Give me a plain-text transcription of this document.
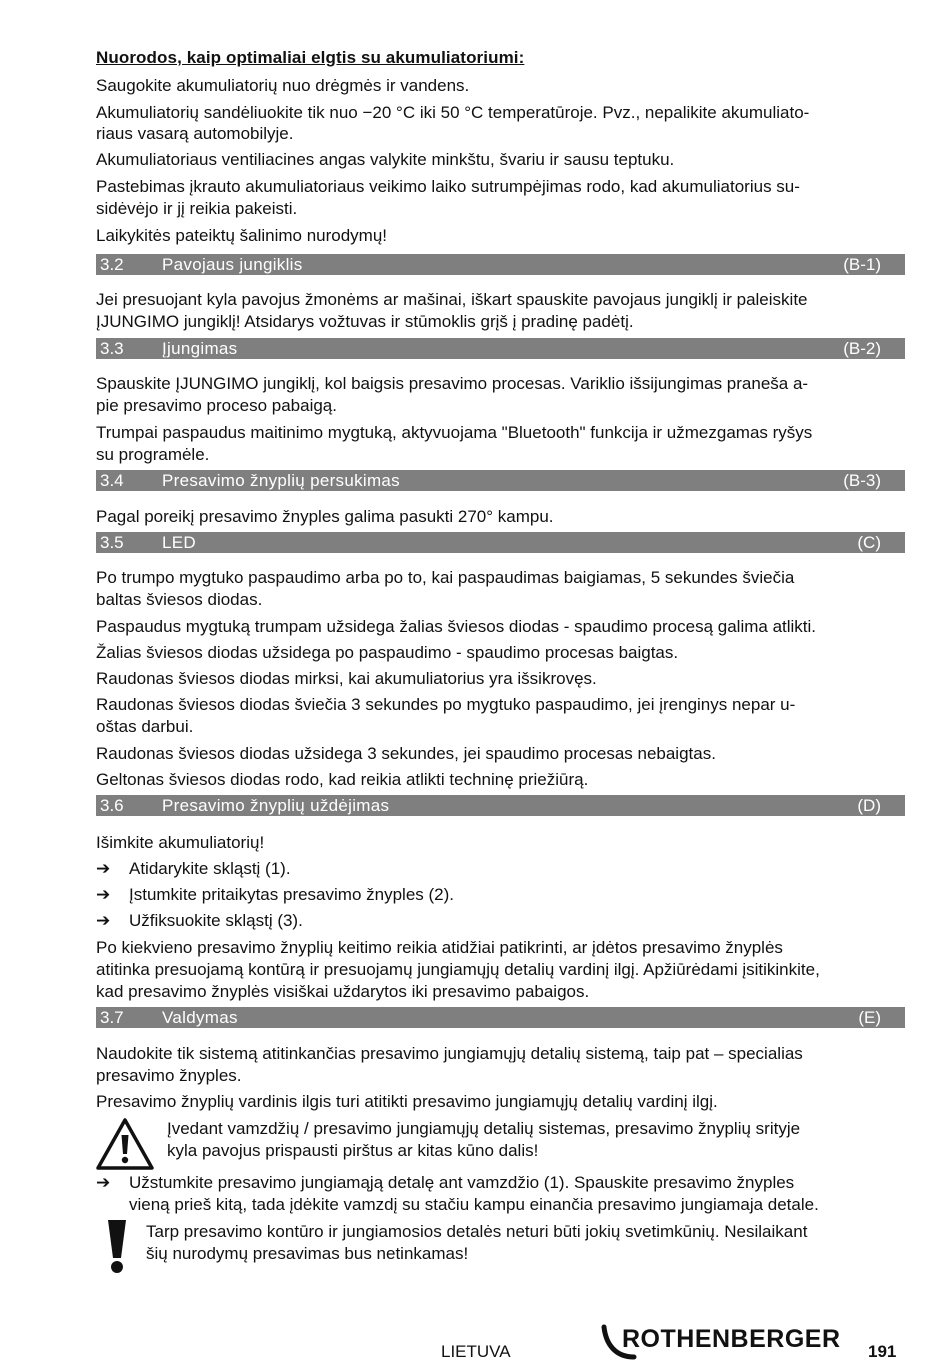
Nuorodos, kaip optimaliai elgtis su akumuliatoriumi:
Saugokite akumuliatorių nuo drėgmės ir vandens.
Akumuliatorių sandėliuokite tik nuo −20 °C iki 50 °C temperatūroje. Pvz., nepalikite akumuliato-
riaus vasarą automobilyje.
Akumuliatoriaus ventiliacines angas valykite minkštu, švariu ir sausu teptuku.
Pastebimas įkrauto akumuliatoriaus veikimo laiko sutrumpėjimas rodo, kad akumuliatorius su-
sidėvėjo ir jį reikia pakeisti.
Laikykitės pateiktų šalinimo nurodymų!
3.2 Pavojaus jungiklis	(B-1)
Jei presuojant kyla pavojus žmonėms ar mašinai, iškart spauskite pavojaus jungiklį ir paleiskite
ĮJUNGIMO jungiklį! Atsidarys vožtuvas ir stūmoklis grįš į pradinę padėtį.
3.3 Įjungimas	(B-2)
Spauskite ĮJUNGIMO jungiklį, kol baigsis presavimo procesas. Variklio išsijungimas praneša a-
pie presavimo proceso pabaigą.
Trumpai paspaudus maitinimo mygtuką, aktyvuojama "Bluetooth" funkcija ir užmezgamas ryšys
su programėle.
3.4 Presavimo žnyplių persukimas	(B-3)
Pagal poreikį presavimo žnyples galima pasukti 270° kampu.
3.5 LED	(C)
Po trumpo mygtuko paspaudimo arba po to, kai paspaudimas baigiamas, 5 sekundes šviečia
baltas šviesos diodas.
Paspaudus mygtuką trumpam užsidega žalias šviesos diodas - spaudimo procesą galima atlikti.
Žalias šviesos diodas užsidega po paspaudimo - spaudimo procesas baigtas.
Raudonas šviesos diodas mirksi, kai akumuliatorius yra išsikrovęs.
Raudonas šviesos diodas šviečia 3 sekundes po mygtuko paspaudimo, jei įrenginys nepar u-
oštas darbui.
Raudonas šviesos diodas užsidega 3 sekundes, jei spaudimo procesas nebaigtas.
Geltonas šviesos diodas rodo, kad reikia atlikti techninę priežiūrą.
3.6 Presavimo žnyplių uždėjimas	(D)
Išimkite akumuliatorių!
➔ Atidarykite skląstį (1).
➔ Įstumkite pritaikytas presavimo žnyples (2).
➔ Užfiksuokite skląstį (3).
Po kiekvieno presavimo žnyplių keitimo reikia atidžiai patikrinti, ar įdėtos presavimo žnyplės
atitinka presuojamą kontūrą ir presuojamų jungiamųjų detalių vardinį ilgį. Apžiūrėdami įsitikinkite,
kad presavimo žnyplės visiškai uždarytos iki presavimo pabaigos.
3.7 Valdymas	(E)
Naudokite tik sistemą atitinkančias presavimo jungiamųjų detalių sistemą, taip pat – specialias
presavimo žnyples.
Presavimo žnyplių vardinis ilgis turi atitikti presavimo jungiamųjų detalių vardinį ilgį.
Įvedant vamzdžių / presavimo jungiamųjų detalių sistemas, presavimo žnyplių srityje
kyla pavojus prispausti pirštus ar kitas kūno dalis!
➔ Užstumkite presavimo jungiamąją detalę ant vamzdžio (1). Spauskite presavimo žnyples
vieną prieš kitą, tada įdėkite vamzdį su stačiu kampu einančia presavimo jungiamaja detale.
Tarp presavimo kontūro ir jungiamosios detalės neturi būti jokių svetimkūnių. Nesilaikant
šių nurodymų presavimas bus netinkamas!
LIETUVA	ROTHENBERGER 191
